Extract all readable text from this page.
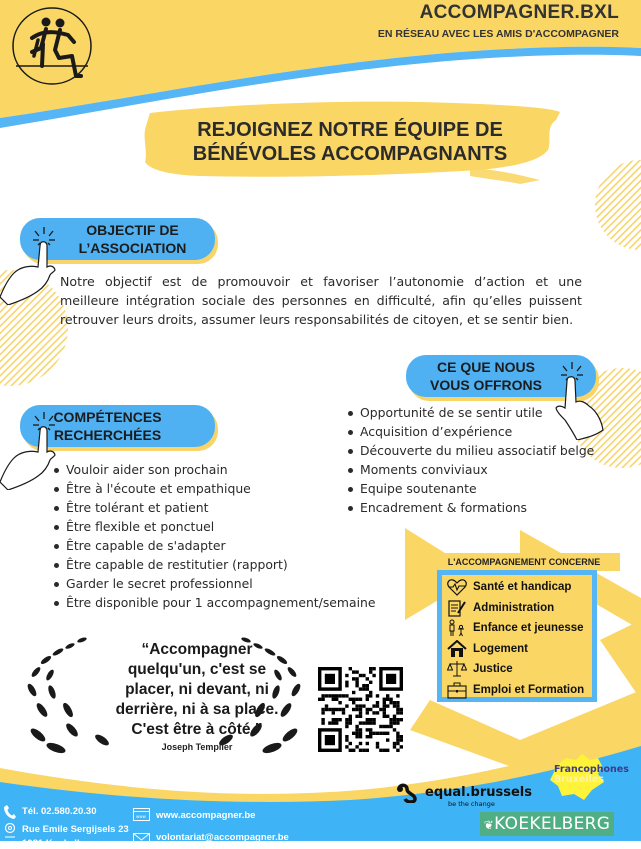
ACCOMPAGNER.BXL
EN RÉSEAU AVEC LES AMIS D'ACCOMPAGNER
REJOIGNEZ NOTRE ÉQUIPE DE
BÉNÉVOLES ACCOMPAGNANTS
OBJECTIF DE
L’ASSOCIATION
Notre objectif est de promouvoir et favoriser l’autonomie d’action et une meilleure intégration sociale des personnes en difficulté, afin qu’elles puissent retrouver leurs droits, assumer leurs responsabilités de citoyen, et se sentir bien.
CE QUE NOUS
VOUS OFFRONS
Opportunité de se sentir utile
Acquisition d’expérience
Découverte du milieu associatif belge
Moments conviviaux
Equipe soutenante
Encadrement & formations
COMPÉTENCES
RECHERCHÉES
Vouloir aider son prochain
Être à l'écoute et empathique
Être tolérant et patient
Être flexible et ponctuel
Être capable de s'adapter
Être capable de restitutier (rapport)
Garder le secret professionnel
Être disponible pour 1 accompagnement/semaine
L'ACCOMPAGNEMENT CONCERNE
Santé et handicap
Administration
Enfance et jeunesse
Logement
Justice
Emploi et Formation
“Accompagner
quelqu'un, c'est se
placer, ni devant, ni
derrière, ni à sa place.
C'est être à côté.”
Joseph Templier
Tél. 02.580.20.30
Rue Emile Sergijsels 23
1081 Koekelberg
www www.accompagner.be
volontariat@accompagner.be
equal.brussels
be the change
Francophones
Bruxelles
❦KOEKELBERG
